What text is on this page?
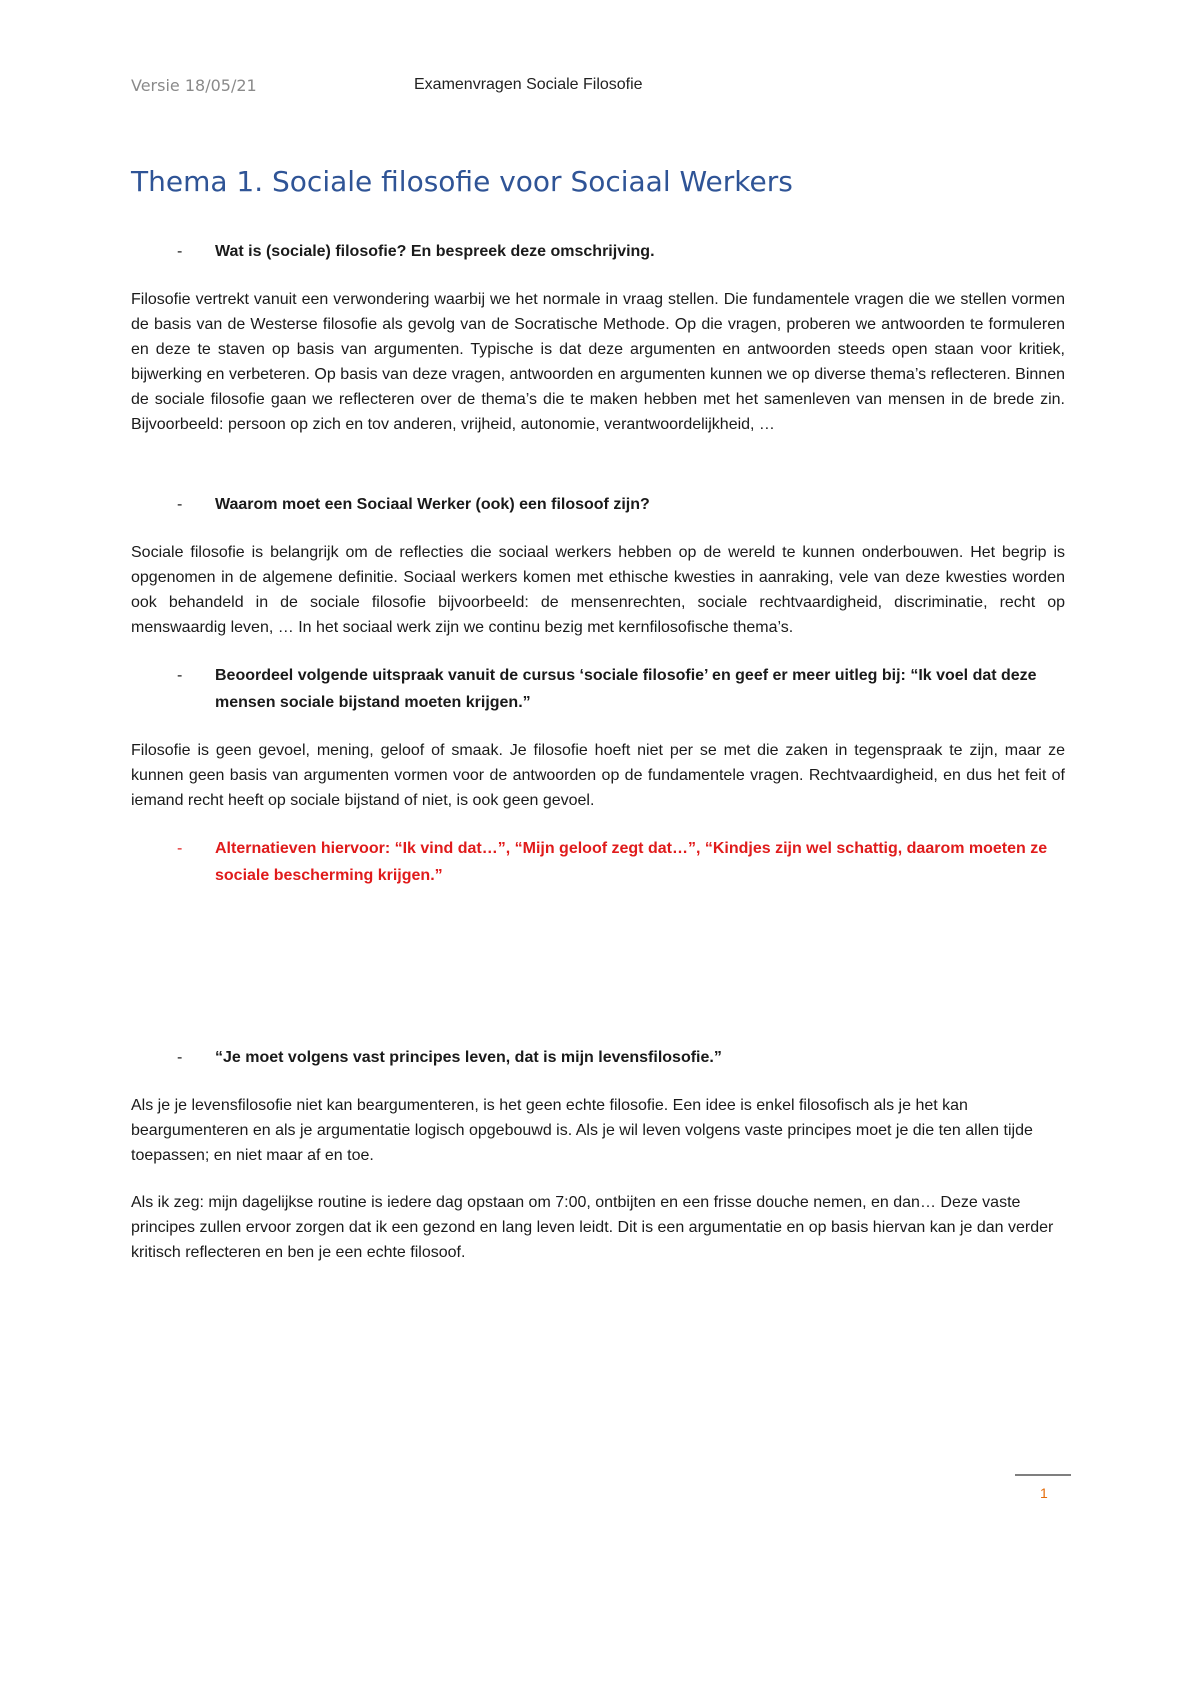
Versie 18/05/21	Examenvragen Sociale Filosofie
Thema 1. Sociale filosofie voor Sociaal Werkers
- Wat is (sociale) filosofie? En bespreek deze omschrijving.

Filosofie vertrekt vanuit een verwondering waarbij we het normale in vraag stellen. Die fundamentele vragen die we stellen vormen de basis van de Westerse filosofie als gevolg van de Socratische Methode. Op die vragen, proberen we antwoorden te formuleren en deze te staven op basis van argumenten. Typische is dat deze argumenten en antwoorden steeds open staan voor kritiek, bijwerking en verbeteren. Op basis van deze vragen, antwoorden en argumenten kunnen we op diverse thema’s reflecteren. Binnen de sociale filosofie gaan we reflecteren over de thema’s die te maken hebben met het samenleven van mensen in de brede zin. Bijvoorbeeld: persoon op zich en tov anderen, vrijheid, autonomie, verantwoordelijkheid, …

- Waarom moet een Sociaal Werker (ook) een filosoof zijn?

Sociale filosofie is belangrijk om de reflecties die sociaal werkers hebben op de wereld te kunnen onderbouwen. Het begrip is opgenomen in de algemene definitie. Sociaal werkers komen met ethische kwesties in aanraking, vele van deze kwesties worden ook behandeld in de sociale filosofie bijvoorbeeld: de mensenrechten, sociale rechtvaardigheid, discriminatie, recht op menswaardig leven, … In het sociaal werk zijn we continu bezig met kernfilosofische thema’s.

- Beoordeel volgende uitspraak vanuit de cursus ‘sociale filosofie’ en geef er meer uitleg bij: “Ik voel dat deze mensen sociale bijstand moeten krijgen.”

Filosofie is geen gevoel, mening, geloof of smaak. Je filosofie hoeft niet per se met die zaken in tegenspraak te zijn, maar ze kunnen geen basis van argumenten vormen voor de antwoorden op de fundamentele vragen. Rechtvaardigheid, en dus het feit of iemand recht heeft op sociale bijstand of niet, is ook geen gevoel.

- Alternatieven hiervoor: “Ik vind dat…”, “Mijn geloof zegt dat…”, “Kindjes zijn wel schattig, daarom moeten ze sociale bescherming krijgen.”
- “Je moet volgens vast principes leven, dat is mijn levensfilosofie.”

Als je je levensfilosofie niet kan beargumenteren, is het geen echte filosofie. Een idee is enkel filosofisch als je het kan beargumenteren en als je argumentatie logisch opgebouwd is. Als je wil leven volgens vaste principes moet je die ten allen tijde toepassen; en niet maar af en toe.

Als ik zeg: mijn dagelijkse routine is iedere dag opstaan om 7:00, ontbijten en een frisse douche nemen, en dan… Deze vaste principes zullen ervoor zorgen dat ik een gezond en lang leven leidt. Dit is een argumentatie en op basis hiervan kan je dan verder kritisch reflecteren en ben je een echte filosoof.

1
